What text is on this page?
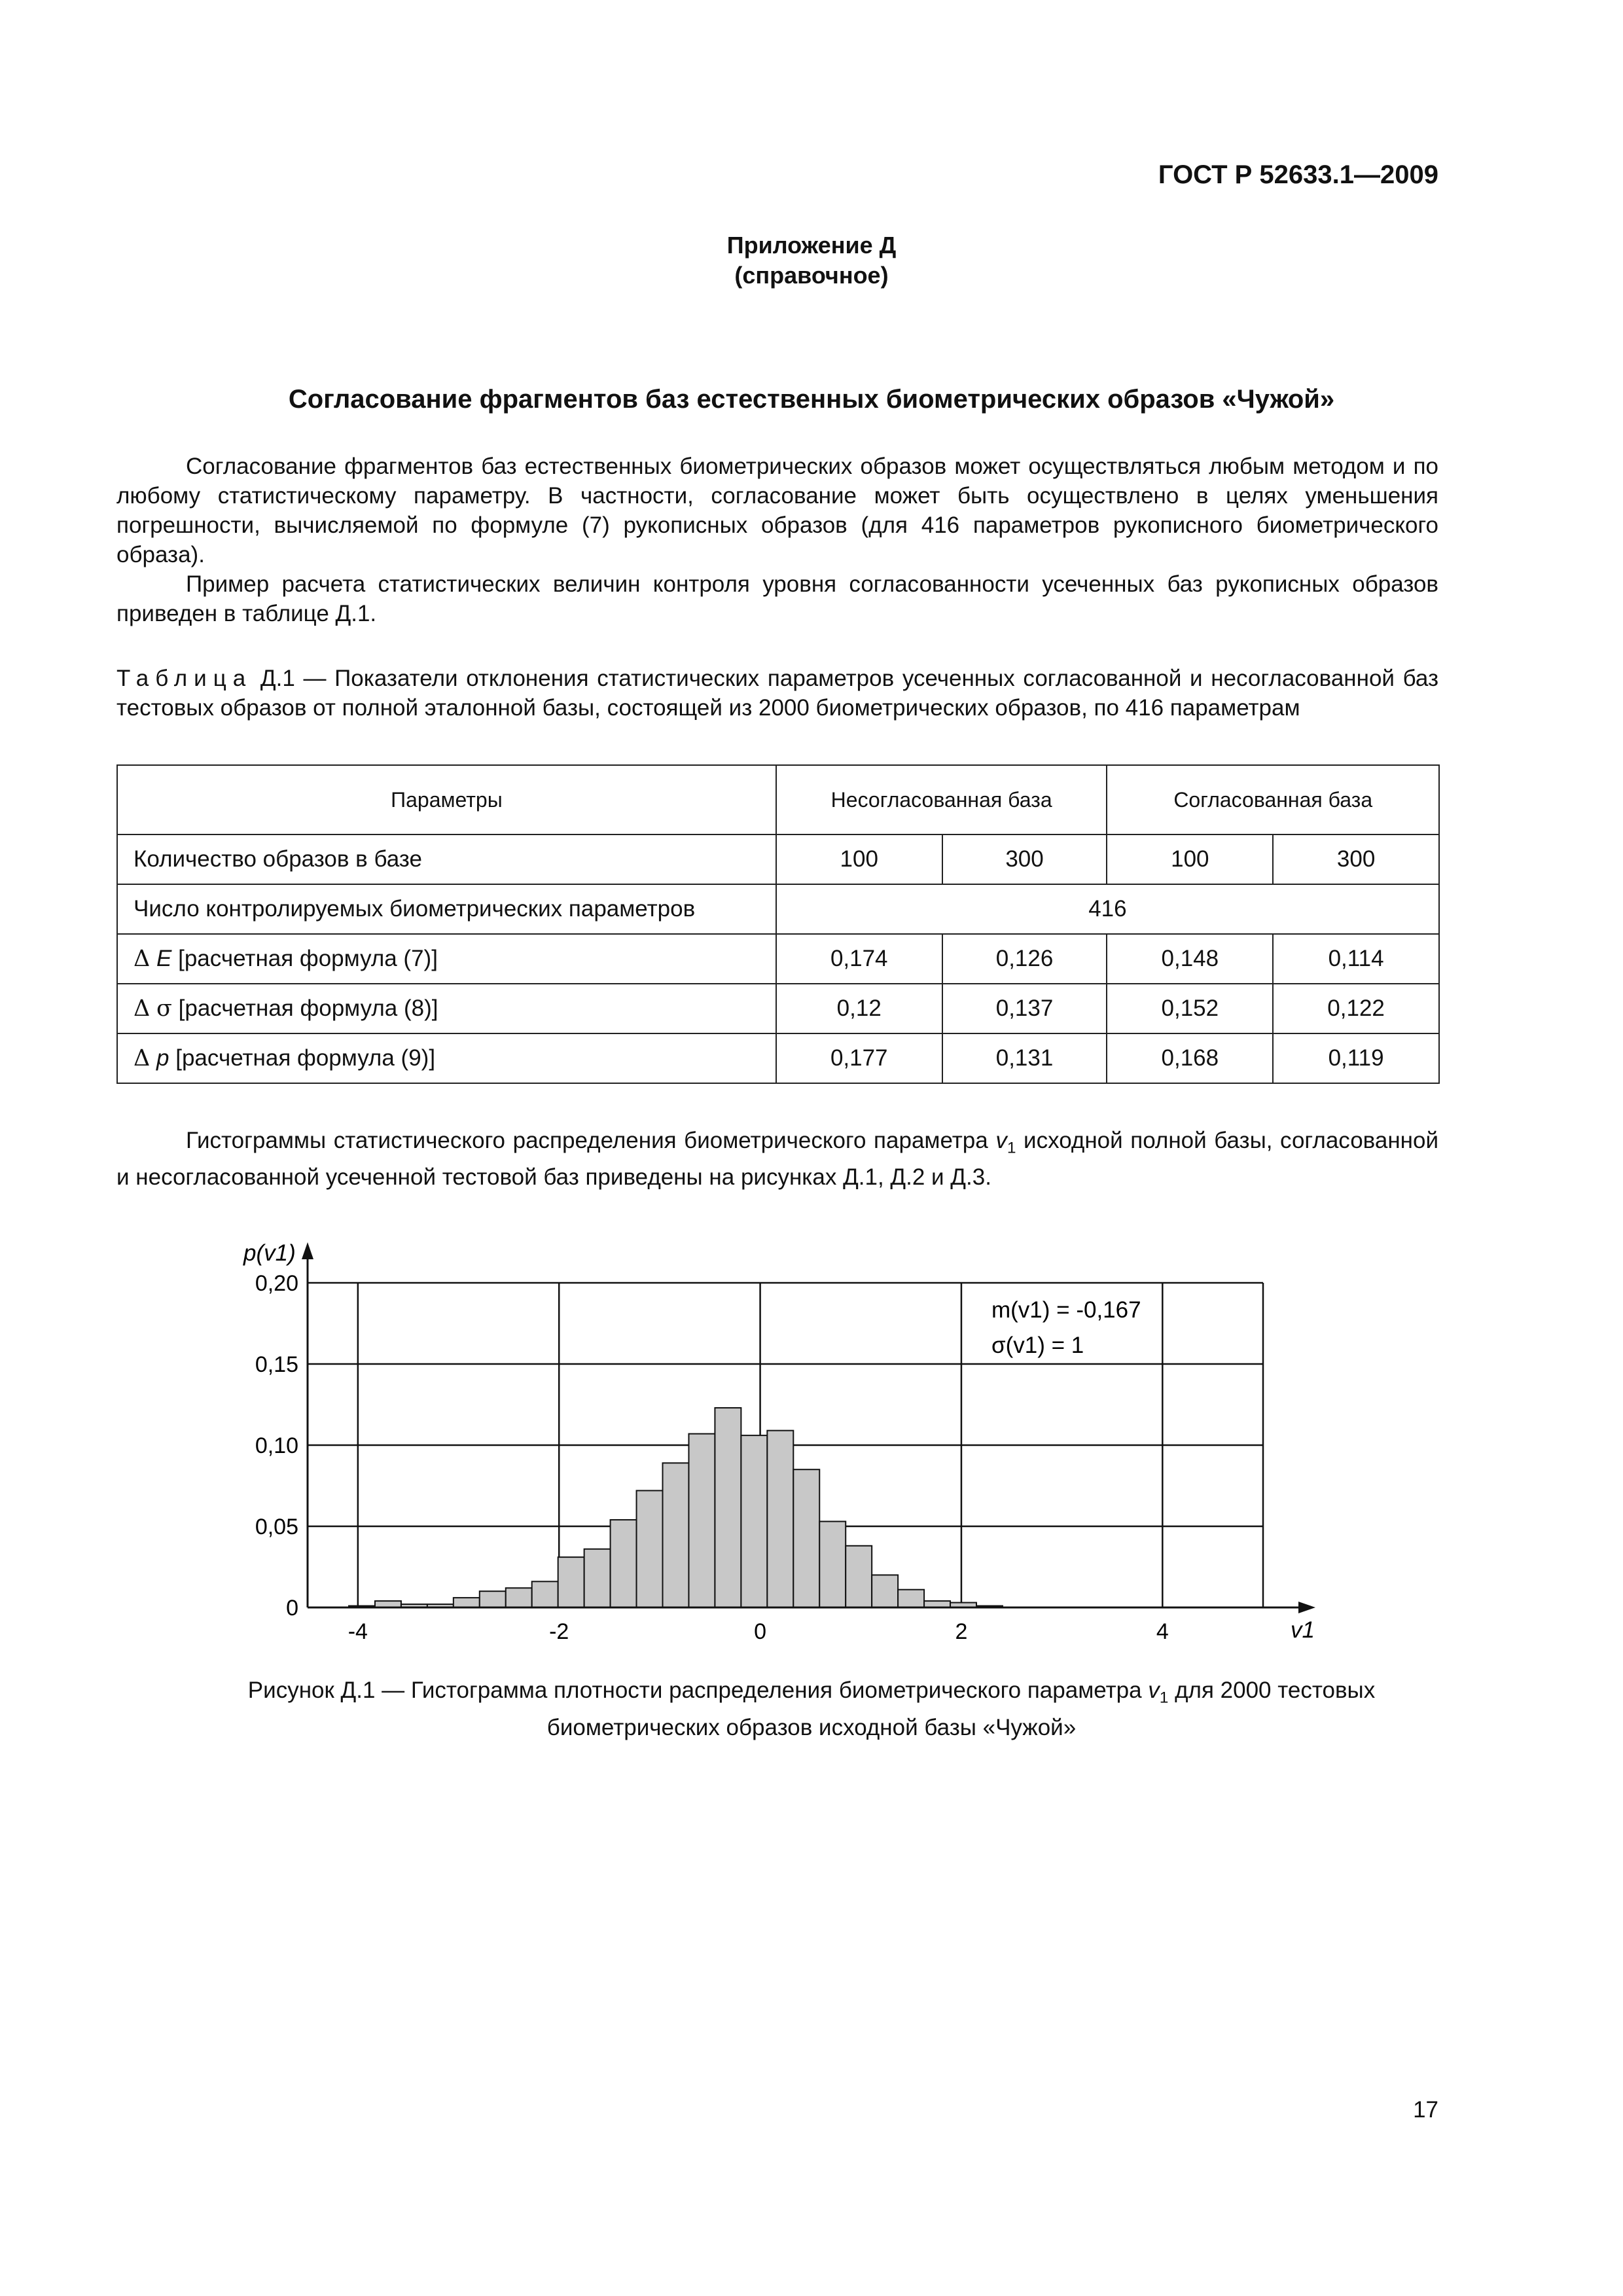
ГОСТ Р 52633.1—2009
Приложение Д
(справочное)
Согласование фрагментов баз естественных биометрических образов «Чужой»

Согласование фрагментов баз естественных биометрических образов может осуществляться любым методом и по любому статистическому параметру. В частности, согласование может быть осуществлено в целях уменьшения погрешности, вычисляемой по формуле (7) рукописных образов (для 416 параметров рукописного биометрического образа).

Пример расчета статистических величин контроля уровня согласованности усеченных баз рукописных образов приведен в таблице Д.1.

Таблица Д.1 — Показатели отклонения статистических параметров усеченных согласованной и несогласованной баз тестовых образов от полной эталонной базы, состоящей из 2000 биометрических образов, по 416 параметрам
Параметры	Несогласованная база		Согласованная база	
Количество образов в базе	100	300	100	300
Число контролируемых биометрических параметров	416			
Δ E [расчетная формула (7)]	0,174	0,126	0,148	0,114
Δ σ [расчетная формула (8)]	0,12	0,137	0,152	0,122
Δ p [расчетная формула (9)]	0,177	0,131	0,168	0,119

Гистограммы статистического распределения биометрического параметра $v_1$ исходной полной базы, согласованной и несогласованной усеченной тестовой баз приведены на рисунках Д.1, Д.2 и Д.3.

0
0,05
0,10
0,15
0,20
-4	-2	0	2	4
p(v1)
v1
m(v1) = -0,167
σ(v1) = 1
Рисунок Д.1 — Гистограмма плотности распределения биометрического параметра $v_1$ для 2000 тестовых
биометрических образов исходной базы «Чужой»
17
